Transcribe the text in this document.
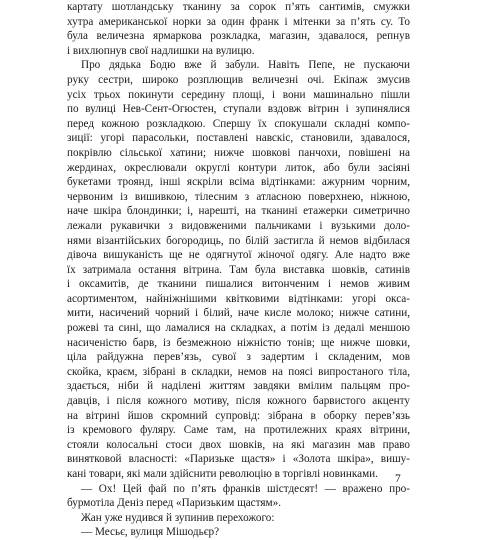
картату шотландську тканину за сорок п’ять сантимів, смужки
хутра американської норки за один франк і мітенки за п’ять су. То
була величезна ярмаркова розкладка, магазин, здавалося, репнув
і вихлюпнув свої надлишки на вулицю.
Про дядька Бодю вже й забули. Навіть Пепе, не пускаючи
руку сестри, широко розплющив величезні очі. Екіпаж змусив
усіх трьох покинути середину площі, і вони машинально пішли
по вулиці Нев-Сент-Огюстен, ступали вздовж вітрин і зупинялися
перед кожною розкладкою. Спершу їх спокушали складні компо-
зиції: угорі парасольки, поставлені навскіс, становили, здавалося,
покрівлю сільської хатини; нижче шовкові панчохи, повішені на
жердинах, окреслювали округлі контури литок, або були засіяні
букетами троянд, інші яскріли всіма відтінками: ажурним чорним,
червоним із вишивкою, тілесним з атласною поверхнею, ніжною,
наче шкіра блондинки; і, нарешті, на тканині етажерки симетрично
лежали рукавички з видовженими пальчиками і вузькими доло-
нями візантійських богородиць, по білій застигла й немов відбилася
дівоча вишуканість ще не одягнутої жіночої одягу. Але надто вже
їх затримала остання вітрина. Там була виставка шовків, сатинів
і оксамитів, де тканини пишалися витонченим і немов живим
асортиментом, найніжнішими квітковими відтінками: угорі окса-
мити, насичений чорний і білий, наче кисле молоко; нижче сатини,
рожеві та сині, що ламалися на складках, а потім із дедалі меншою
насиченістю барв, із безмежною ніжністю тонів; ще нижче шовки,
ціла райдужна перев’язь, сувої з задертим і складеним, мов
скойка, краєм, зібрані в складки, немов на поясі випростаного тіла,
здається, ніби й наділені життям завдяки вмілим пальцям про-
давців, і після кожного мотиву, після кожного барвистого акценту
на вітрині йшов скромний супровід: зібрана в оборку перев’язь
із кремового фуляру. Саме там, на протилежних краях вітрини,
стояли колосальні стоси двох шовків, на які магазин мав право
винятковой власності: «Паризьке щастя» і «Золота шкіра», вишу-
кані товари, які мали здійснити революцію в торгівлі новинками.
— Ох! Цей фай по п’ять франків шістдесят! — вражено про-
бурмотіла Деніз перед «Паризьким щастям».
Жан уже нудився й зупинив перехожого:
— Месьє, вулиця Мішодьєр?
7
